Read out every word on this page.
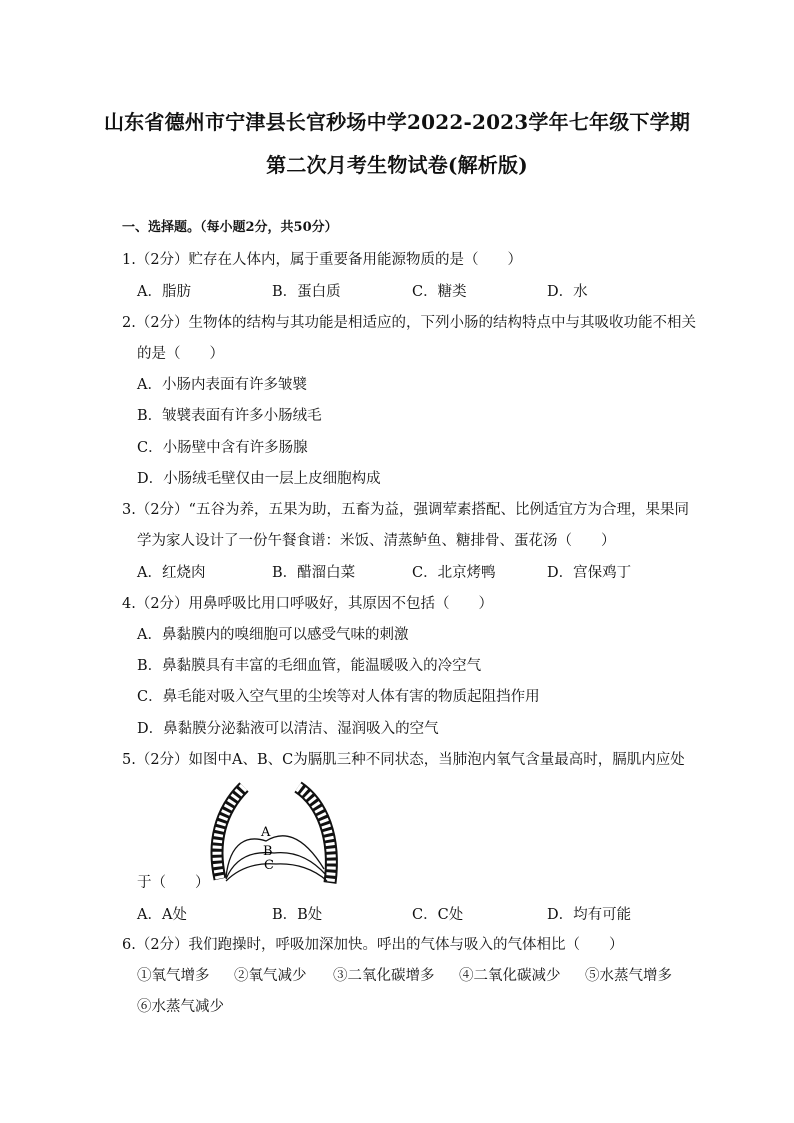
山东省德州市宁津县长官秒场中学2022-2023学年七年级下学期
第二次月考生物试卷(解析版)
一、选择题。（每小题2分，共50分）
1.（2分）贮存在人体内，属于重要备用能源物质的是（　　）
A．脂肪	B．蛋白质	C．糖类	D．水
2.（2分）生物体的结构与其功能是相适应的，下列小肠的结构特点中与其吸收功能不相关
的是（　　）
A．小肠内表面有许多皱襞
B．皱襞表面有许多小肠绒毛
C．小肠壁中含有许多肠腺
D．小肠绒毛壁仅由一层上皮细胞构成
3.（2分）“五谷为养，五果为助，五畜为益，强调荤素搭配、比例适宜方为合理，果果同
学为家人设计了一份午餐食谱：米饭、清蒸鲈鱼、糖排骨、蛋花汤（　　）
A．红烧肉	B．醋溜白菜	C．北京烤鸭	D．宫保鸡丁
4.（2分）用鼻呼吸比用口呼吸好，其原因不包括（　　）
A．鼻黏膜内的嗅细胞可以感受气味的刺激
B．鼻黏膜具有丰富的毛细血管，能温暖吸入的冷空气
C．鼻毛能对吸入空气里的尘埃等对人体有害的物质起阻挡作用
D．鼻黏膜分泌黏液可以清洁、湿润吸入的空气
5.（2分）如图中A、B、C为膈肌三种不同状态，当肺泡内氧气含量最高时，膈肌内应处
A
B
C
于（　　）
A．A处	B．B处	C．C处	D．均有可能
6.（2分）我们跑操时，呼吸加深加快。呼出的气体与吸入的气体相比（　　）
①氧气增多 ②氧气减少 ③二氧化碳增多 ④二氧化碳减少 ⑤水蒸气增多
⑥水蒸气减少
